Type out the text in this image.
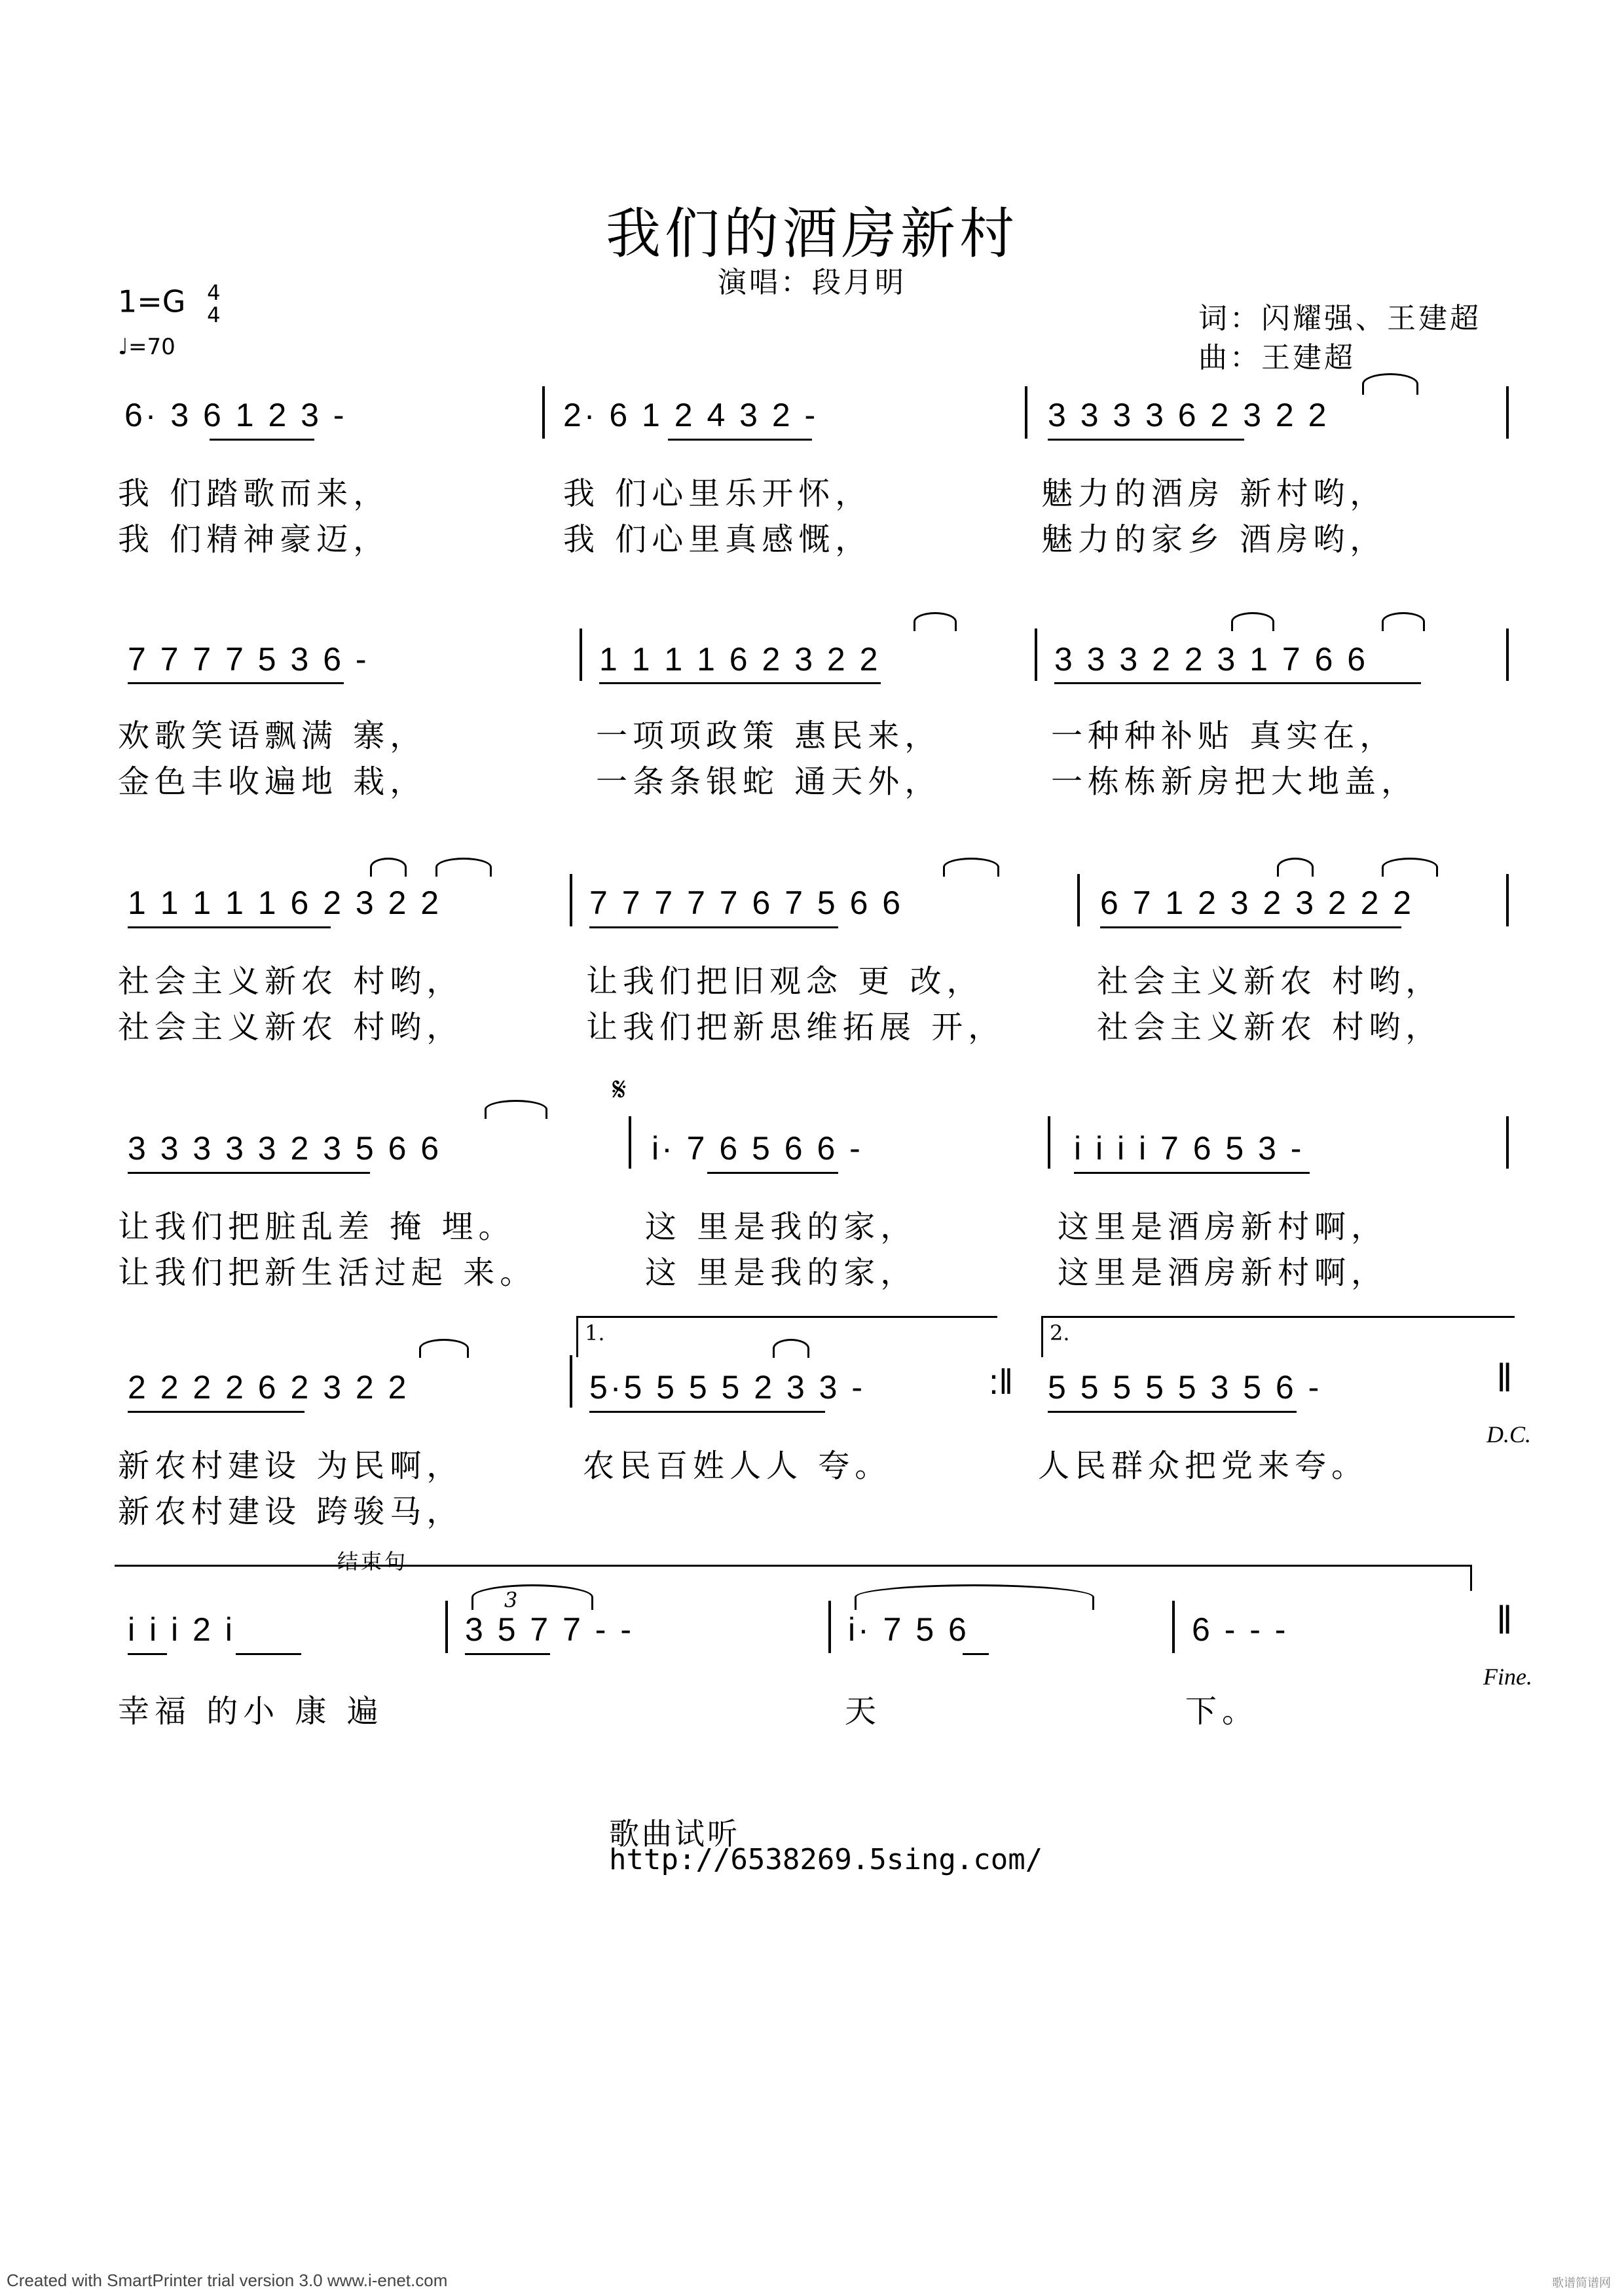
我们的酒房新村
演唱：段月明
词：闪耀强、王建超
曲：王建超
1=G 4
4
♩=70
6· 3 6 1 2 3 -	2· 6 1 2 4 3 2 -	3 3 3 3 6 2 3 2 2
我 们踏歌而来，	我 们心里乐开怀，	魅力的酒房 新村哟，
我 们精神豪迈，	我 们心里真感慨，	魅力的家乡 酒房哟，
7 7 7 7 5 3 6 -	1 1 1 1 6 2 3 2 2	3 3 3 2 2 3 1 7 6 6
欢歌笑语飘满 寨，	一项项政策 惠民来，	一种种补贴 真实在，
金色丰收遍地 栽，	一条条银蛇 通天外，	一栋栋新房把大地盖，
1 1 1 1 1 6 2 3 2 2	7 7 7 7 7 6 7 5 6 6	6 7 1 2 3 2 3 2 2 2
社会主义新农 村哟，	让我们把旧观念 更 改，	社会主义新农 村哟，
社会主义新农 村哟，	让我们把新思维拓展 开，	社会主义新农 村哟，
𝄋
3 3 3 3 3 2 3 5 6 6	i· 7 6 5 6 6 -	i i i i 7 6 5 3 -
让我们把脏乱差 掩 埋。	这 里是我的家，	这里是酒房新村啊，
让我们把新生活过起 来。	这 里是我的家，	这里是酒房新村啊，
1.	2.
2 2 2 2 6 2 3 2 2	5·5 5 5 5 2 3 3 -	:‖ 5 5 5 5 5 3 5 6 -	‖
D.C.
新农村建设 为民啊，	农民百姓人人 夸。	人民群众把党来夸。
新农村建设 跨骏马，
结束句
i i i 2 i	3 5 7 7 - -	i· 7 5 6	6 - - -	‖
3
Fine.
幸福 的小 康 遍	天	下。
歌曲试听
http://6538269.5sing.com/
Created with SmartPrinter trial version 3.0 www.i-enet.com	歌谱简谱网
